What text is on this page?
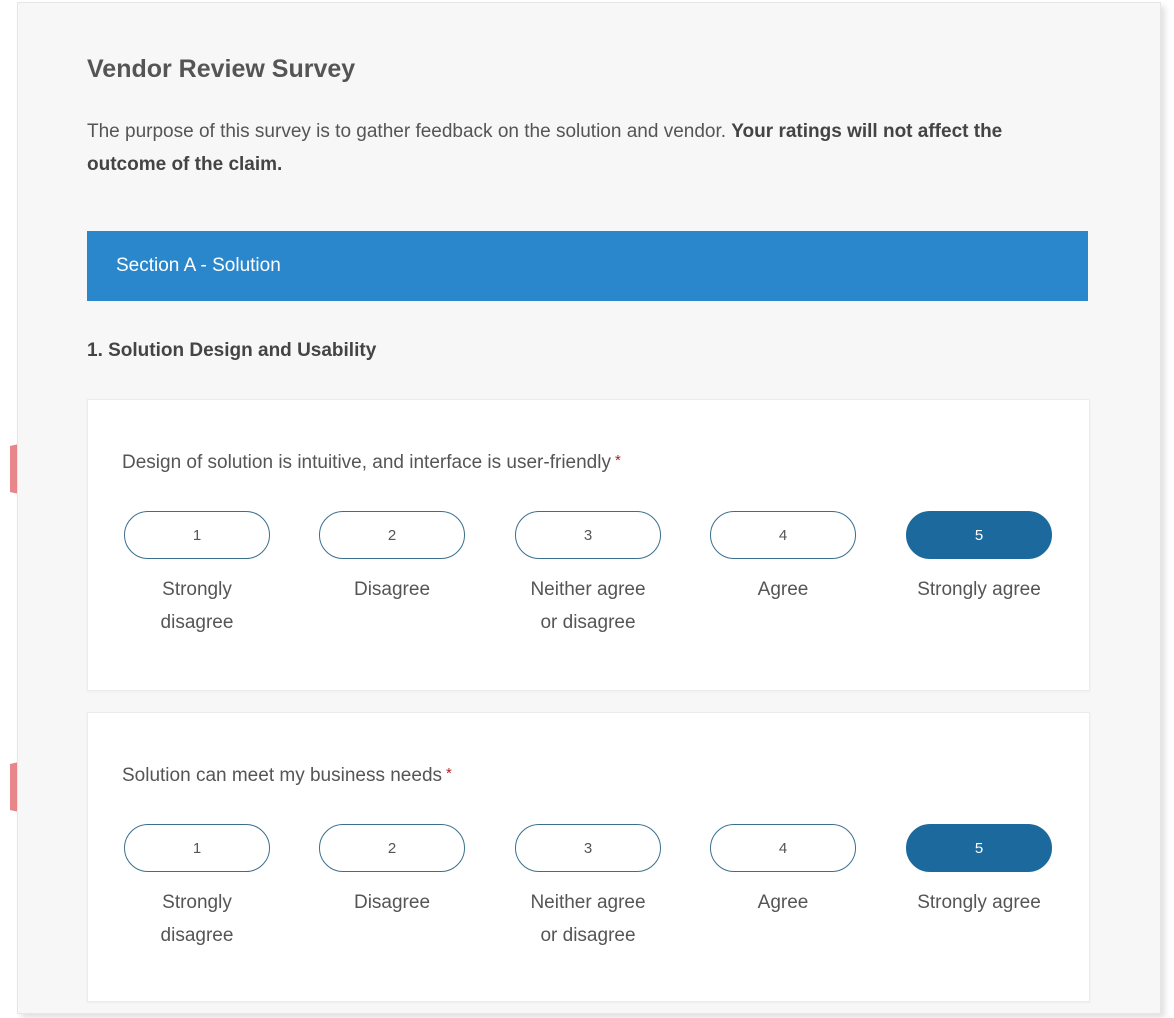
Vendor Review Survey
The purpose of this survey is to gather feedback on the solution and vendor. Your ratings will not affect the outcome of the claim.
Section A - Solution
1. Solution Design and Usability
Design of solution is intuitive, and interface is user-friendly *
1
Strongly
disagree
2
Disagree
3
Neither agree
or disagree
4
Agree
5
Strongly agree
Solution can meet my business needs *
1
Strongly
disagree
2
Disagree
3
Neither agree
or disagree
4
Agree
5
Strongly agree
